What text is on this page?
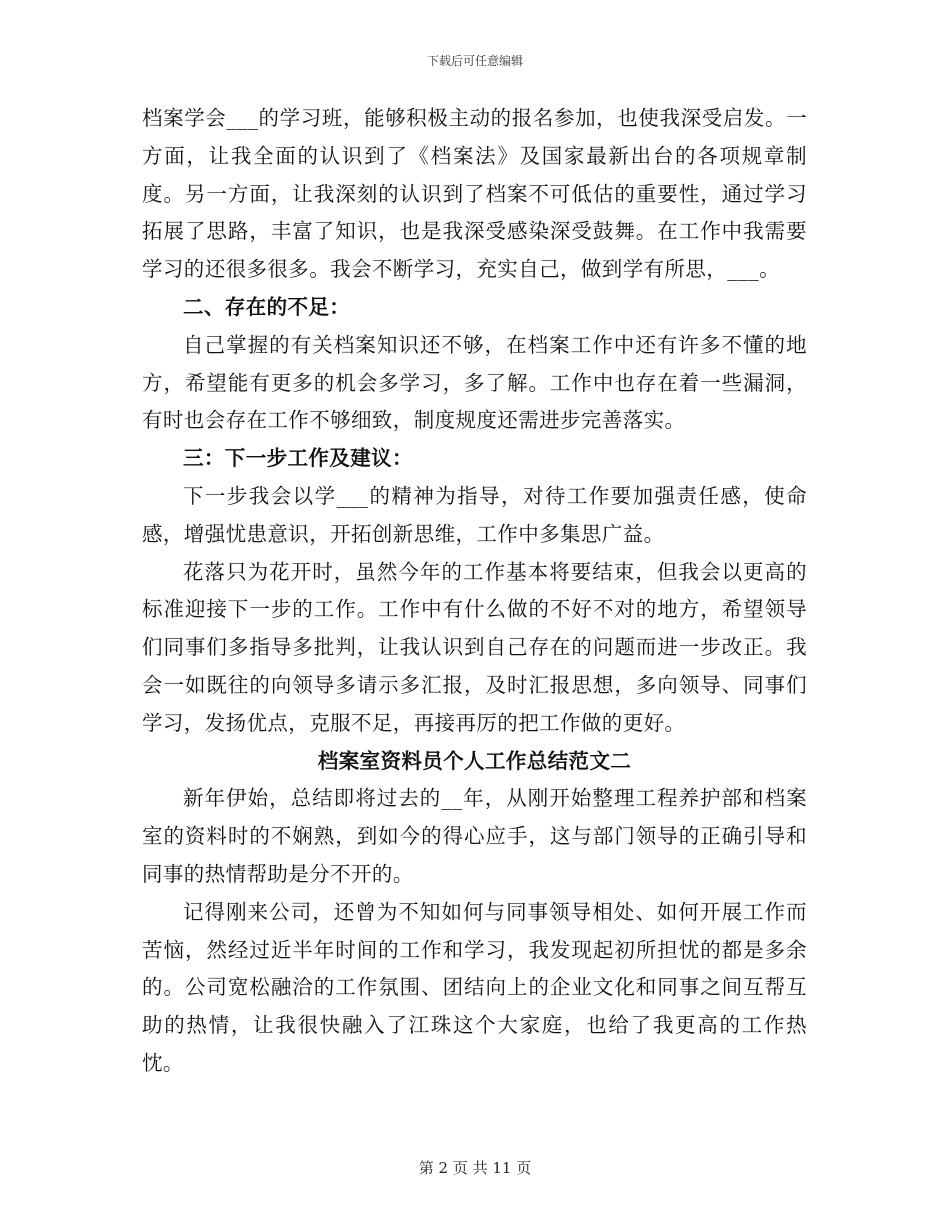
下载后可任意编辑

档案学会___的学习班，能够积极主动的报名参加，也使我深受启发。一方面，让我全面的认识到了《档案法》及国家最新出台的各项规章制度。另一方面，让我深刻的认识到了档案不可低估的重要性，通过学习拓展了思路，丰富了知识，也是我深受感染深受鼓舞。在工作中我需要学习的还很多很多。我会不断学习，充实自己，做到学有所思，___。

二、存在的不足：

自己掌握的有关档案知识还不够，在档案工作中还有许多不懂的地方，希望能有更多的机会多学习，多了解。工作中也存在着一些漏洞，有时也会存在工作不够细致，制度规度还需进步完善落实。

三：下一步工作及建议：

下一步我会以学___的精神为指导，对待工作要加强责任感，使命感，增强忧患意识，开拓创新思维，工作中多集思广益。

花落只为花开时，虽然今年的工作基本将要结束，但我会以更高的标准迎接下一步的工作。工作中有什么做的不好不对的地方，希望领导们同事们多指导多批判，让我认识到自己存在的问题而进一步改正。我会一如既往的向领导多请示多汇报，及时汇报思想，多向领导、同事们学习，发扬优点，克服不足，再接再厉的把工作做的更好。

档案室资料员个人工作总结范文二

新年伊始，总结即将过去的__年，从刚开始整理工程养护部和档案室的资料时的不娴熟，到如今的得心应手，这与部门领导的正确引导和同事的热情帮助是分不开的。

记得刚来公司，还曾为不知如何与同事领导相处、如何开展工作而苦恼，然经过近半年时间的工作和学习，我发现起初所担忧的都是多余的。公司宽松融洽的工作氛围、团结向上的企业文化和同事之间互帮互助的热情，让我很快融入了江珠这个大家庭，也给了我更高的工作热忱。

第 2 页 共 11 页
